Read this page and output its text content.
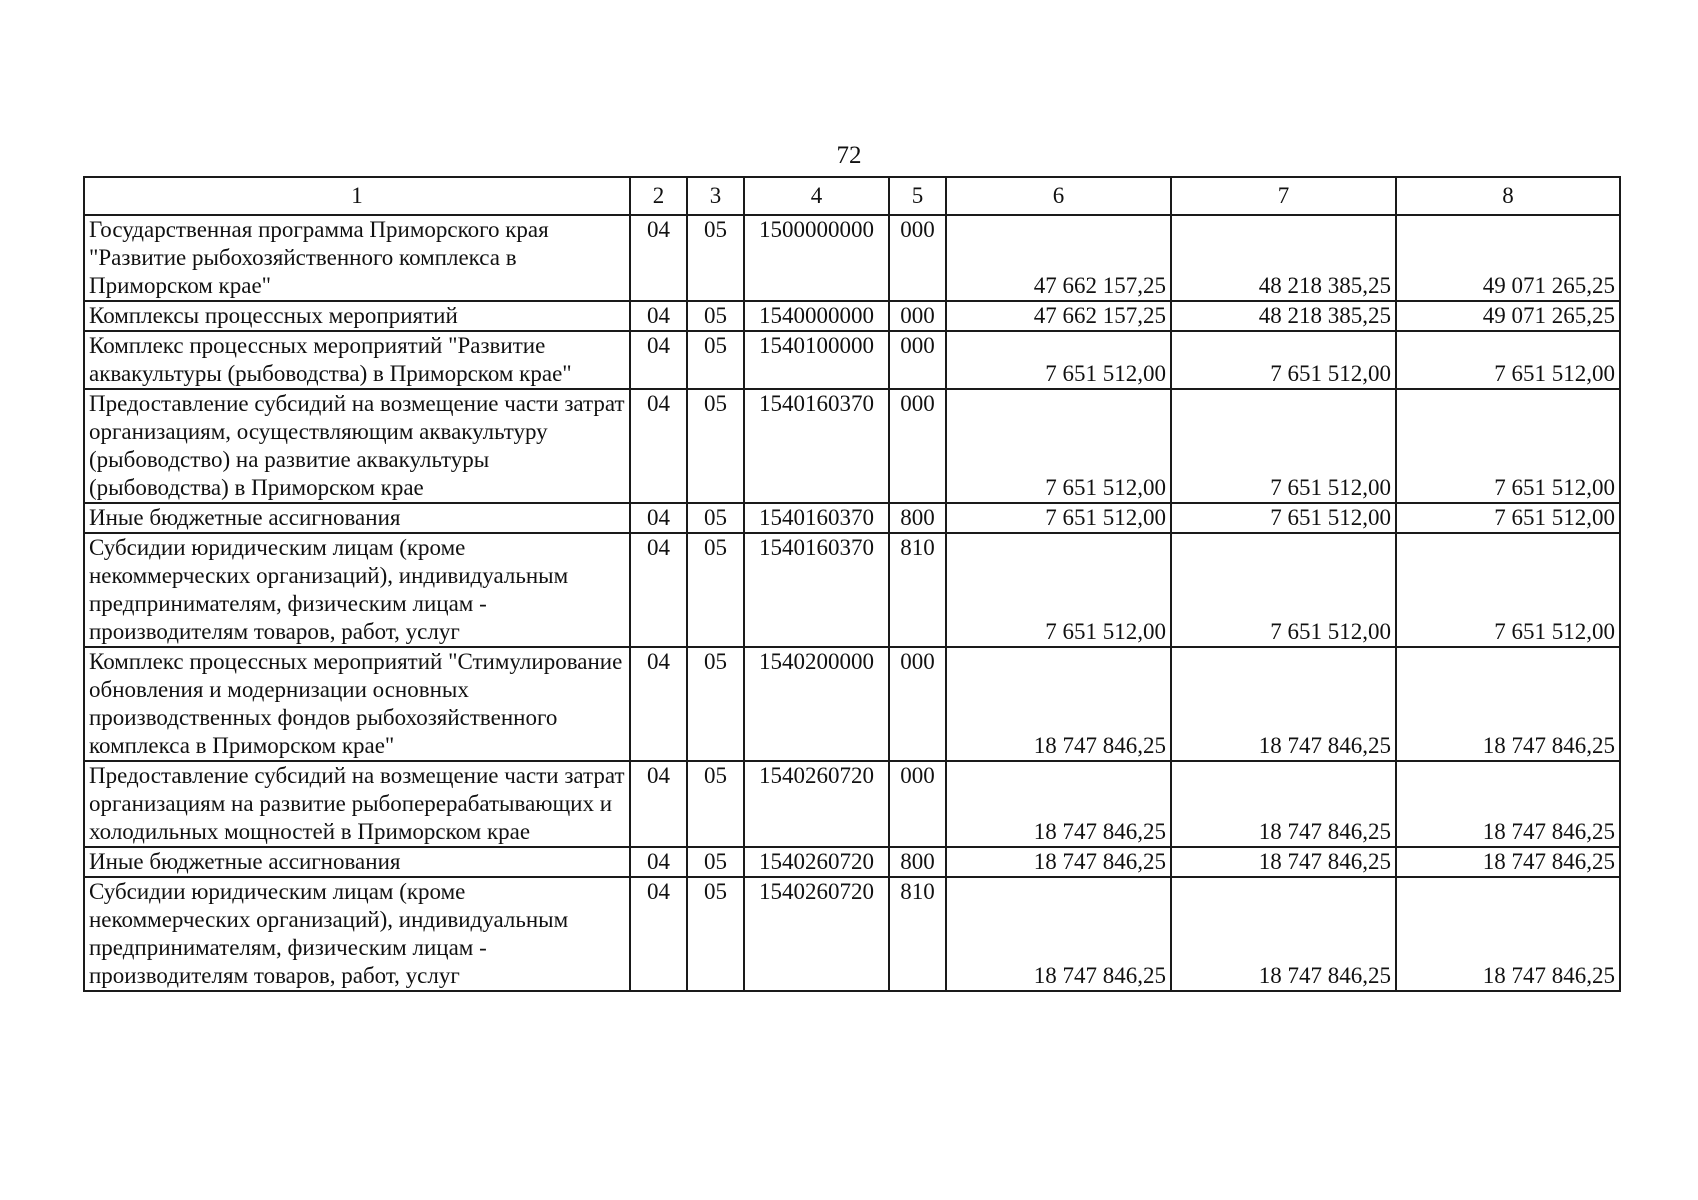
72
1	2	3	4	5	6	7	8
Государственная программа Приморского края "Развитие рыбохозяйственного комплекса в Приморском крае"	04	05	1500000000	000	47 662 157,25	48 218 385,25	49 071 265,25
Комплексы процессных мероприятий	04	05	1540000000	000	47 662 157,25	48 218 385,25	49 071 265,25
Комплекс процессных мероприятий "Развитие аквакультуры (рыбоводства) в Приморском крае"	04	05	1540100000	000	7 651 512,00	7 651 512,00	7 651 512,00
Предоставление субсидий на возмещение части затрат организациям, осуществляющим аквакультуру (рыбоводство) на развитие аквакультуры (рыбоводства) в Приморском крае	04	05	1540160370	000	7 651 512,00	7 651 512,00	7 651 512,00
Иные бюджетные ассигнования	04	05	1540160370	800	7 651 512,00	7 651 512,00	7 651 512,00
Субсидии юридическим лицам (кроме некоммерческих организаций), индивидуальным предпринимателям, физическим лицам - производителям товаров, работ, услуг	04	05	1540160370	810	7 651 512,00	7 651 512,00	7 651 512,00
Комплекс процессных мероприятий "Стимулирование обновления и модернизации основных производственных фондов рыбохозяйственного комплекса в Приморском крае"	04	05	1540200000	000	18 747 846,25	18 747 846,25	18 747 846,25
Предоставление субсидий на возмещение части затрат организациям на развитие рыбоперерабатывающих и холодильных мощностей в Приморском крае	04	05	1540260720	000	18 747 846,25	18 747 846,25	18 747 846,25
Иные бюджетные ассигнования	04	05	1540260720	800	18 747 846,25	18 747 846,25	18 747 846,25
Субсидии юридическим лицам (кроме некоммерческих организаций), индивидуальным предпринимателям, физическим лицам - производителям товаров, работ, услуг	04	05	1540260720	810	18 747 846,25	18 747 846,25	18 747 846,25
